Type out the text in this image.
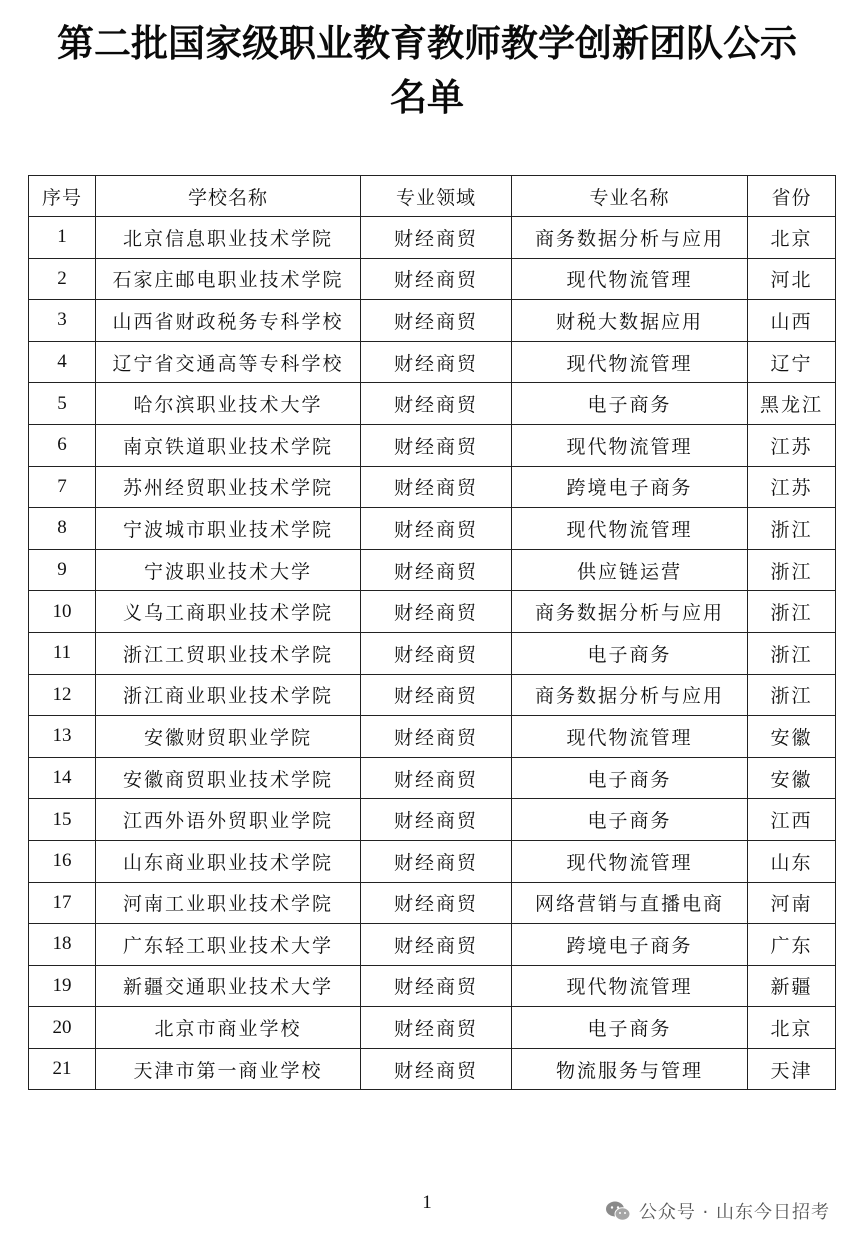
第二批国家级职业教育教师教学创新团队公示
名单
序号	学校名称	专业领域	专业名称	省份
1	北京信息职业技术学院	财经商贸	商务数据分析与应用	北京
2	石家庄邮电职业技术学院	财经商贸	现代物流管理	河北
3	山西省财政税务专科学校	财经商贸	财税大数据应用	山西
4	辽宁省交通高等专科学校	财经商贸	现代物流管理	辽宁
5	哈尔滨职业技术大学	财经商贸	电子商务	黑龙江
6	南京铁道职业技术学院	财经商贸	现代物流管理	江苏
7	苏州经贸职业技术学院	财经商贸	跨境电子商务	江苏
8	宁波城市职业技术学院	财经商贸	现代物流管理	浙江
9	宁波职业技术大学	财经商贸	供应链运营	浙江
10	义乌工商职业技术学院	财经商贸	商务数据分析与应用	浙江
11	浙江工贸职业技术学院	财经商贸	电子商务	浙江
12	浙江商业职业技术学院	财经商贸	商务数据分析与应用	浙江
13	安徽财贸职业学院	财经商贸	现代物流管理	安徽
14	安徽商贸职业技术学院	财经商贸	电子商务	安徽
15	江西外语外贸职业学院	财经商贸	电子商务	江西
16	山东商业职业技术学院	财经商贸	现代物流管理	山东
17	河南工业职业技术学院	财经商贸	网络营销与直播电商	河南
18	广东轻工职业技术大学	财经商贸	跨境电子商务	广东
19	新疆交通职业技术大学	财经商贸	现代物流管理	新疆
20	北京市商业学校	财经商贸	电子商务	北京
21	天津市第一商业学校	财经商贸	物流服务与管理	天津
1	公众号 · 山东今日招考
